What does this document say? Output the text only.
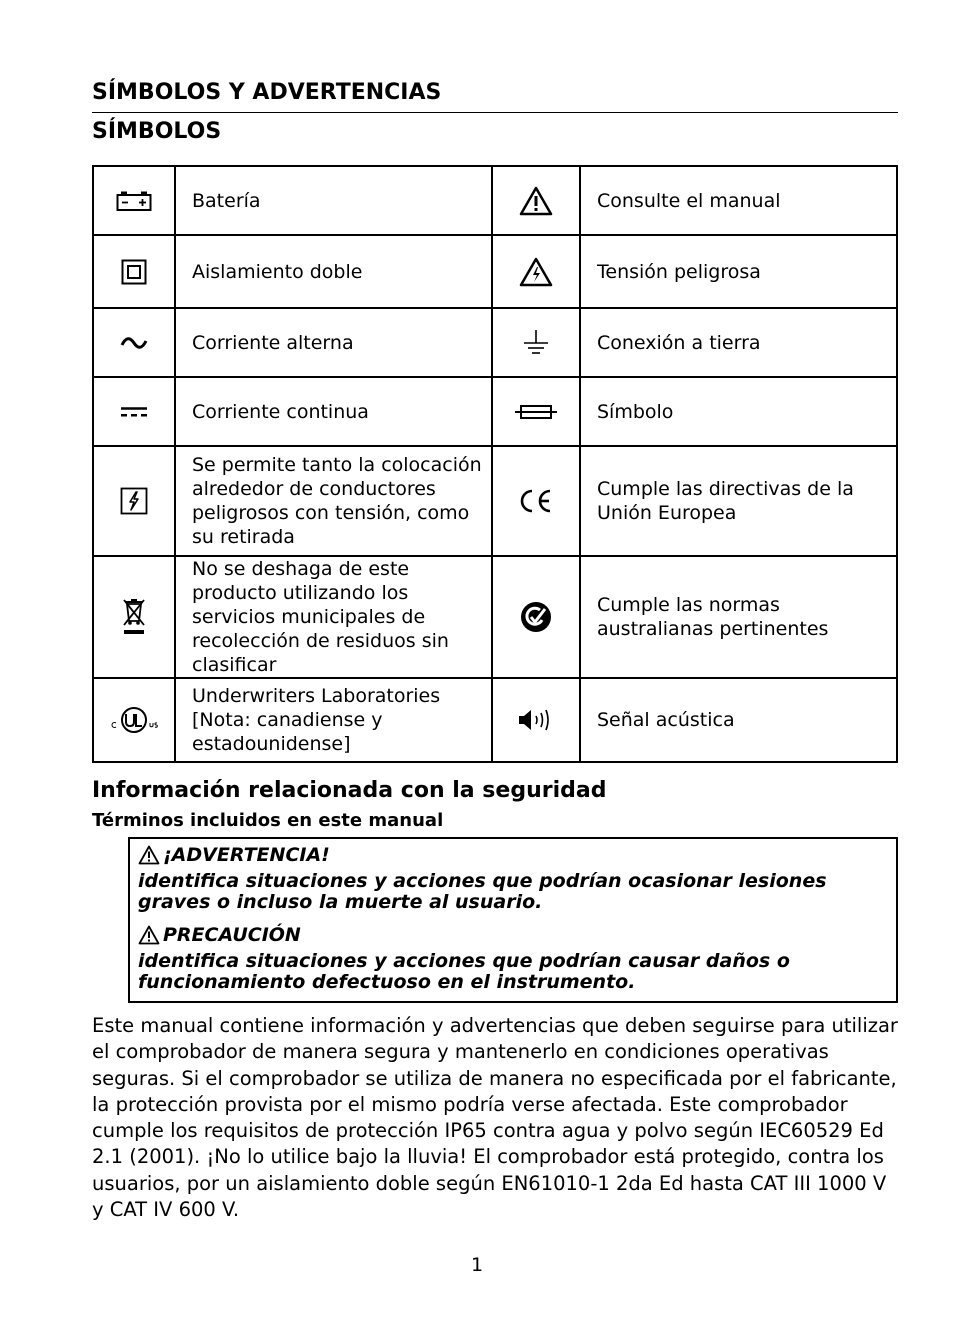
SÍMBOLOS Y ADVERTENCIAS
SÍMBOLOS
	Batería		Consulte el manual
	Aislamiento doble		Tensión peligrosa
	Corriente alterna		Conexión a tierra
	Corriente continua		Símbolo
	Se permite tanto la colocación alrededor de conductores peligrosos con tensión, como su retirada		Cumple las directivas de la Unión Europea
	No se deshaga de este producto utilizando los servicios municipales de recolección de residuos sin clasificar		Cumple las normas australianas pertinentes
	Underwriters Laboratories [Nota: canadiense y estadounidense]		Señal acústica
Información relacionada con la seguridad
Términos incluidos en este manual
¡ADVERTENCIA!
identifica situaciones y acciones que podrían ocasionar lesiones graves o incluso la muerte al usuario.
PRECAUCIÓN
identifica situaciones y acciones que podrían causar daños o funcionamiento defectuoso en el instrumento.

Este manual contiene información y advertencias que deben seguirse para utilizar el comprobador de manera segura y mantenerlo en condiciones operativas seguras. Si el comprobador se utiliza de manera no especificada por el fabricante, la protección provista por el mismo podría verse afectada. Este comprobador cumple los requisitos de protección IP65 contra agua y polvo según IEC60529 Ed 2.1 (2001). ¡No lo utilice bajo la lluvia! El comprobador está protegido, contra los usuarios, por un aislamiento doble según EN61010-1 2da Ed hasta CAT III 1000 V y CAT IV 600 V.

1
